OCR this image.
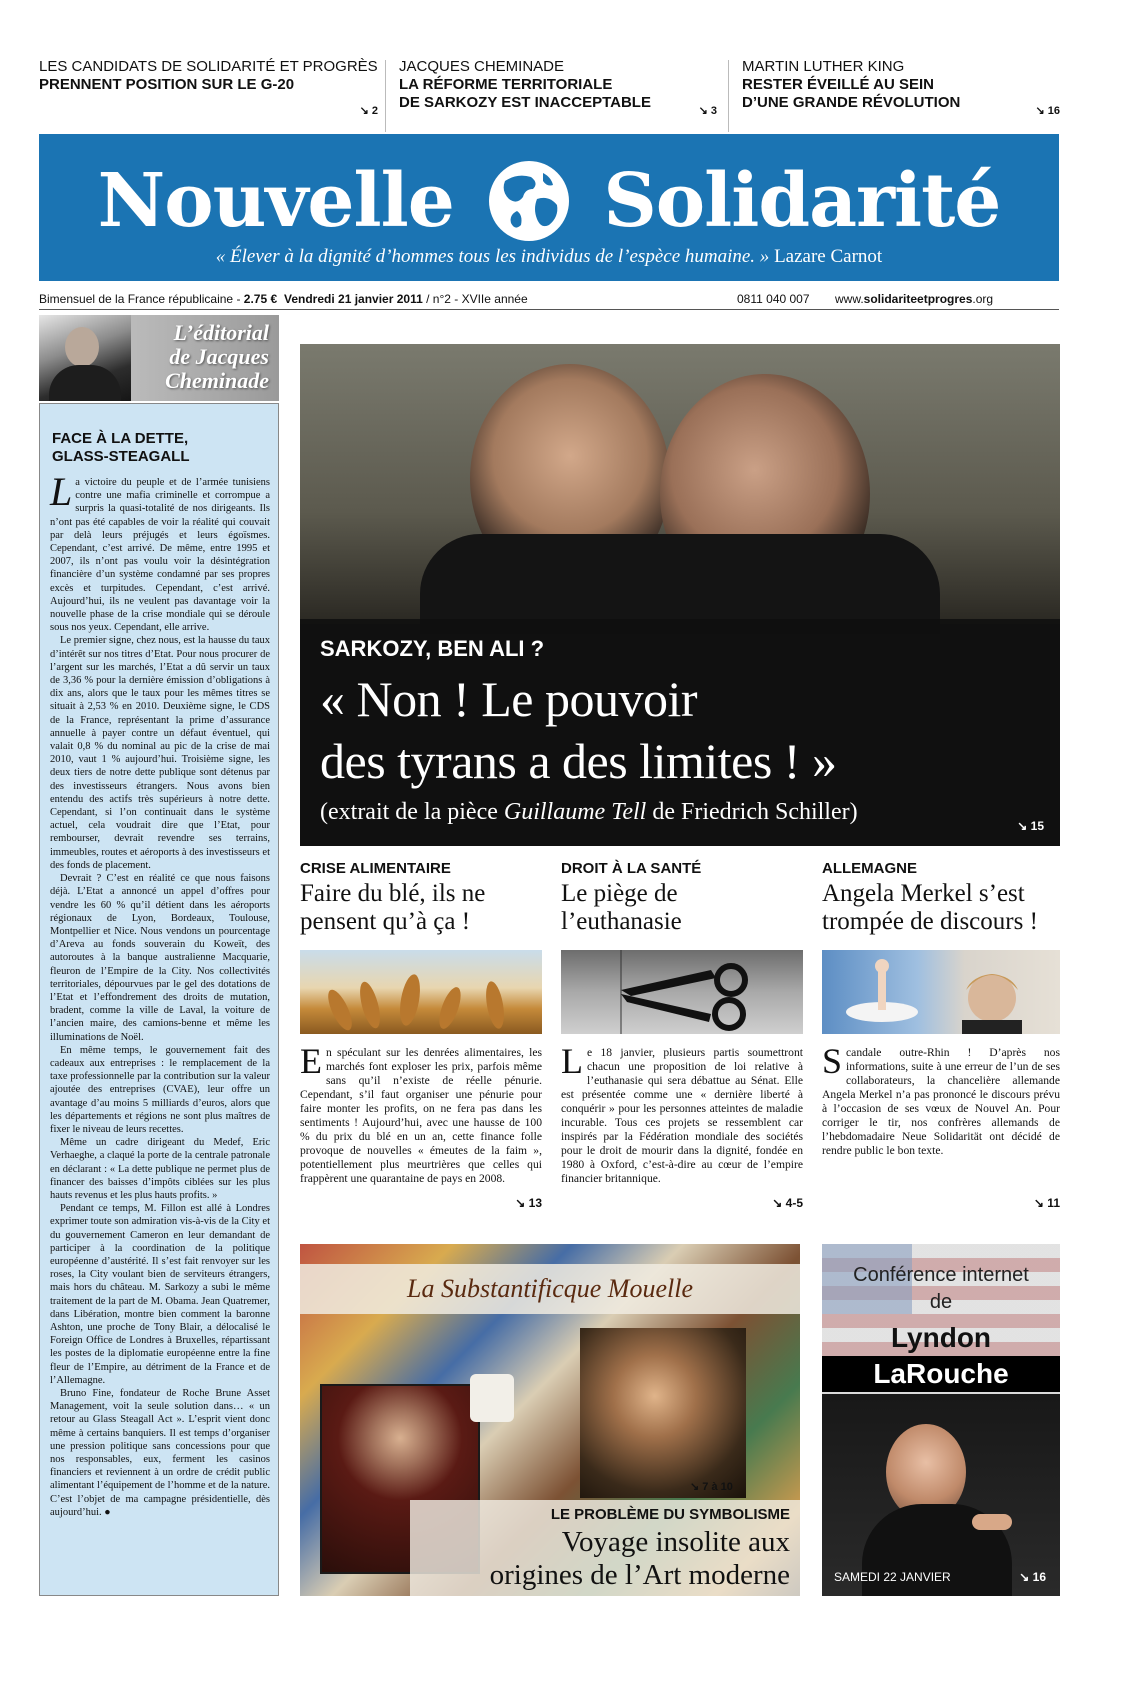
LES CANDIDATS DE SOLIDARITÉ ET PROGRÈS
PRENNENT POSITION SUR LE G-20
↘ 2
JACQUES CHEMINADE
LA RÉFORME TERRITORIALE
DE SARKOZY EST INACCEPTABLE	↘ 3
MARTIN LUTHER KING
RESTER ÉVEILLÉ AU SEIN
D’UNE GRANDE RÉVOLUTION	↘ 16
Nouvelle Solidarité
« Élever à la dignité d’hommes tous les individus de l’espèce humaine. » Lazare Carnot
Bimensuel de la France républicaine - 2.75 € Vendredi 21 janvier 2011 / n°2 - XVIIe année	0811 040 007 www.solidariteetprogres.org
L’éditorial
de Jacques
Cheminade
FACE À LA DETTE,
GLASS-STEAGALL

La victoire du peuple et de l’armée tunisiens contre une mafia criminelle et corrompue a surpris la quasi-totalité de nos dirigeants. Ils n’ont pas été capables de voir la réalité qui couvait par delà leurs préjugés et leurs égoïsmes. Cependant, c’est arrivé. De même, entre 1995 et 2007, ils n’ont pas voulu voir la désintégration financière d’un système condamné par ses propres excès et turpitudes. Cependant, c’est arrivé. Aujourd’hui, ils ne veulent pas davantage voir la nouvelle phase de la crise mondiale qui se déroule sous nos yeux. Cependant, elle arrive.

Le premier signe, chez nous, est la hausse du taux d’intérêt sur nos titres d’Etat. Pour nous procurer de l’argent sur les marchés, l’Etat a dû servir un taux de 3,36 % pour la dernière émission d’obligations à dix ans, alors que le taux pour les mêmes titres se situait à 2,53 % en 2010. Deuxième signe, le CDS de la France, représentant la prime d’assurance annuelle à payer contre un défaut éventuel, qui valait 0,8 % du nominal au pic de la crise de mai 2010, vaut 1 % aujourd’hui. Troisième signe, les deux tiers de notre dette publique sont détenus par des investisseurs étrangers. Nous avons bien entendu des actifs très supérieurs à notre dette. Cependant, si l’on continuait dans le système actuel, cela voudrait dire que l’Etat, pour rembourser, devrait revendre ses terrains, immeubles, routes et aéroports à des investisseurs et des fonds de placement.

Devrait ? C’est en réalité ce que nous faisons déjà. L’Etat a annoncé un appel d’offres pour vendre les 60 % qu’il détient dans les aéroports régionaux de Lyon, Bordeaux, Toulouse, Montpellier et Nice. Nous vendons un pourcentage d’Areva au fonds souverain du Koweït, des autoroutes à la banque australienne Macquarie, fleuron de l’Empire de la City. Nos collectivités territoriales, dépourvues par le gel des dotations de l’Etat et l’effondrement des droits de mutation, bradent, comme la ville de Laval, la voiture de l’ancien maire, des camions-benne et même les illuminations de Noël.

En même temps, le gouvernement fait des cadeaux aux entreprises : le remplacement de la taxe professionnelle par la contribution sur la valeur ajoutée des entreprises (CVAE), leur offre un avantage d’au moins 5 milliards d’euros, alors que les départements et régions ne sont plus maîtres de fixer le niveau de leurs recettes.

Même un cadre dirigeant du Medef, Eric Verhaeghe, a claqué la porte de la centrale patronale en déclarant : « La dette publique ne permet plus de financer des baisses d’impôts ciblées sur les plus hauts revenus et les plus hauts profits. »

Pendant ce temps, M. Fillon est allé à Londres exprimer toute son admiration vis-à-vis de la City et du gouvernement Cameron en leur demandant de participer à la coordination de la politique européenne d’austérité. Il s’est fait renvoyer sur les roses, la City voulant bien de serviteurs étrangers, mais hors du château. M. Sarkozy a subi le même traitement de la part de M. Obama. Jean Quatremer, dans Libération, montre bien comment la baronne Ashton, une proche de Tony Blair, a délocalisé le Foreign Office de Londres à Bruxelles, répartissant les postes de la diplomatie européenne entre la fine fleur de l’Empire, au détriment de la France et de l’Allemagne.

Bruno Fine, fondateur de Roche Brune Asset Management, voit la seule solution dans… « un retour au Glass Steagall Act ». L’esprit vient donc même à certains banquiers. Il est temps d’organiser une pression politique sans concessions pour que nos responsables, eux, ferment les casinos financiers et reviennent à un ordre de crédit public alimentant l’équipement de l’homme et de la nature. C’est l’objet de ma campagne présidentielle, dès aujourd’hui. ●

SARKOZY, BEN ALI ?
« Non ! Le pouvoir
des tyrans a des limites ! »
(extrait de la pièce Guillaume Tell de Friedrich Schiller)
↘ 15
CRISE ALIMENTAIRE
Faire du blé, ils ne pensent qu’à ça !
En spéculant sur les denrées alimentaires, les marchés font exploser les prix, parfois même sans qu’il n’existe de réelle pénurie. Cependant, s’il faut organiser une pénurie pour faire monter les profits, on ne fera pas dans les sentiments ! Aujourd’hui, avec une hausse de 100 % du prix du blé en un an, cette finance folle provoque de nouvelles « émeutes de la faim », potentiellement plus meurtrières que celles qui frappèrent une quarantaine de pays en 2008.
↘ 13
DROIT À LA SANTÉ
Le piège de l’euthanasie
Le 18 janvier, plusieurs partis soumettront chacun une proposition de loi relative à l’euthanasie qui sera débattue au Sénat. Elle est présentée comme une « dernière liberté à conquérir » pour les personnes atteintes de maladie incurable. Tous ces projets se ressemblent car inspirés par la Fédération mondiale des sociétés pour le droit de mourir dans la dignité, fondée en 1980 à Oxford, c’est-à-dire au cœur de l’empire financier britannique.
↘ 4-5
ALLEMAGNE
Angela Merkel s’est trompée de discours !
Scandale outre-Rhin ! D’après nos informations, suite à une erreur de l’un de ses collaborateurs, la chancelière allemande Angela Merkel n’a pas prononcé le discours prévu à l’occasion de ses vœux de Nouvel An. Pour corriger le tir, nos confrères allemands de l’hebdomadaire Neue Solidarität ont décidé de rendre public le bon texte.
↘ 11
La Substantificque Mouelle
↘ 7 à 10
LE PROBLÈME DU SYMBOLISME
Voyage insolite aux
origines de l’Art moderne
Conférence internet
de
Lyndon
LaRouche
SAMEDI 22 JANVIER	↘ 16
